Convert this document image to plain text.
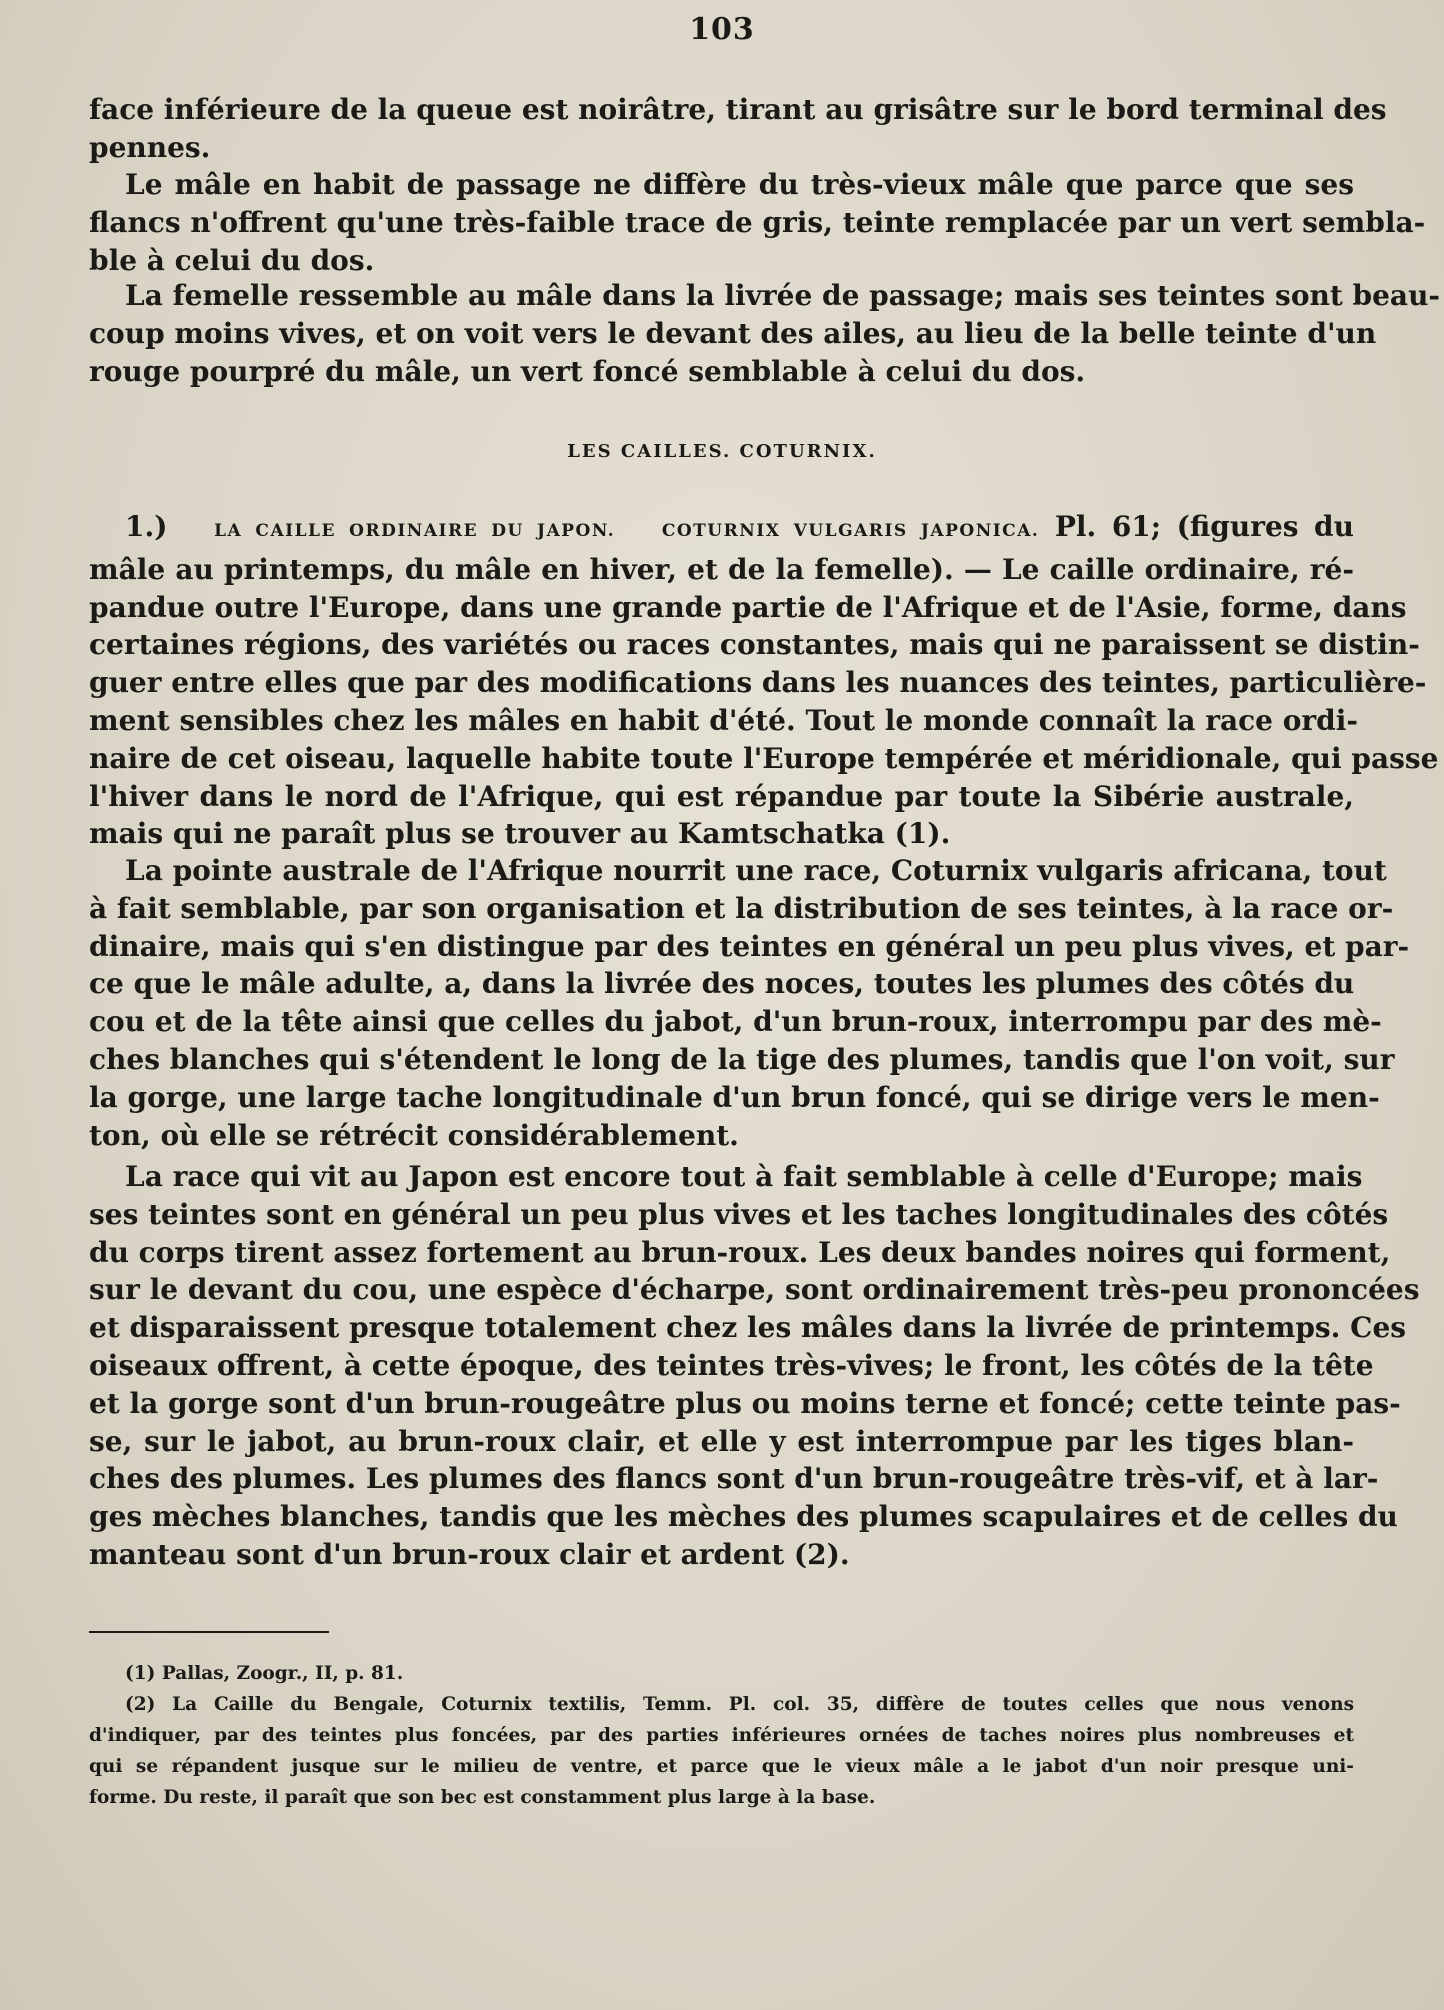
103
face inférieure de la queue est noirâtre, tirant au grisâtre sur le bord terminal des
pennes.
Le mâle en habit de passage ne diffère du très-vieux mâle que parce que ses
flancs n'offrent qu'une très-faible trace de gris, teinte remplacée par un vert sembla-
ble à celui du dos.
La femelle ressemble au mâle dans la livrée de passage; mais ses teintes sont beau-
coup moins vives, et on voit vers le devant des ailes, au lieu de la belle teinte d'un
rouge pourpré du mâle, un vert foncé semblable à celui du dos.
LES CAILLES. COTURNIX.
1.)	LA CAILLE ORDINAIRE DU JAPON.	COTURNIX VULGARIS JAPONICA. Pl. 61; (figures du
mâle au printemps, du mâle en hiver, et de la femelle). — Le caille ordinaire, ré-
pandue outre l'Europe, dans une grande partie de l'Afrique et de l'Asie, forme, dans
certaines régions, des variétés ou races constantes, mais qui ne paraissent se distin-
guer entre elles que par des modifications dans les nuances des teintes, particulière-
ment sensibles chez les mâles en habit d'été. Tout le monde connaît la race ordi-
naire de cet oiseau, laquelle habite toute l'Europe tempérée et méridionale, qui passe
l'hiver dans le nord de l'Afrique, qui est répandue par toute la Sibérie australe,
mais qui ne paraît plus se trouver au Kamtschatka (1).
La pointe australe de l'Afrique nourrit une race, Coturnix vulgaris africana, tout
à fait semblable, par son organisation et la distribution de ses teintes, à la race or-
dinaire, mais qui s'en distingue par des teintes en général un peu plus vives, et par-
ce que le mâle adulte, a, dans la livrée des noces, toutes les plumes des côtés du
cou et de la tête ainsi que celles du jabot, d'un brun-roux, interrompu par des mè-
ches blanches qui s'étendent le long de la tige des plumes, tandis que l'on voit, sur
la gorge, une large tache longitudinale d'un brun foncé, qui se dirige vers le men-
ton, où elle se rétrécit considérablement.
La race qui vit au Japon est encore tout à fait semblable à celle d'Europe; mais
ses teintes sont en général un peu plus vives et les taches longitudinales des côtés
du corps tirent assez fortement au brun-roux. Les deux bandes noires qui forment,
sur le devant du cou, une espèce d'écharpe, sont ordinairement très-peu prononcées
et disparaissent presque totalement chez les mâles dans la livrée de printemps. Ces
oiseaux offrent, à cette époque, des teintes très-vives; le front, les côtés de la tête
et la gorge sont d'un brun-rougeâtre plus ou moins terne et foncé; cette teinte pas-
se, sur le jabot, au brun-roux clair, et elle y est interrompue par les tiges blan-
ches des plumes. Les plumes des flancs sont d'un brun-rougeâtre très-vif, et à lar-
ges mèches blanches, tandis que les mèches des plumes scapulaires et de celles du
manteau sont d'un brun-roux clair et ardent (2).
(1) Pallas, Zoogr., II, p. 81.
(2) La Caille du Bengale, Coturnix textilis, Temm. Pl. col. 35, diffère de toutes celles que nous venons
d'indiquer, par des teintes plus foncées, par des parties inférieures ornées de taches noires plus nombreuses et
qui se répandent jusque sur le milieu de ventre, et parce que le vieux mâle a le jabot d'un noir presque uni-
forme. Du reste, il paraît que son bec est constamment plus large à la base.
